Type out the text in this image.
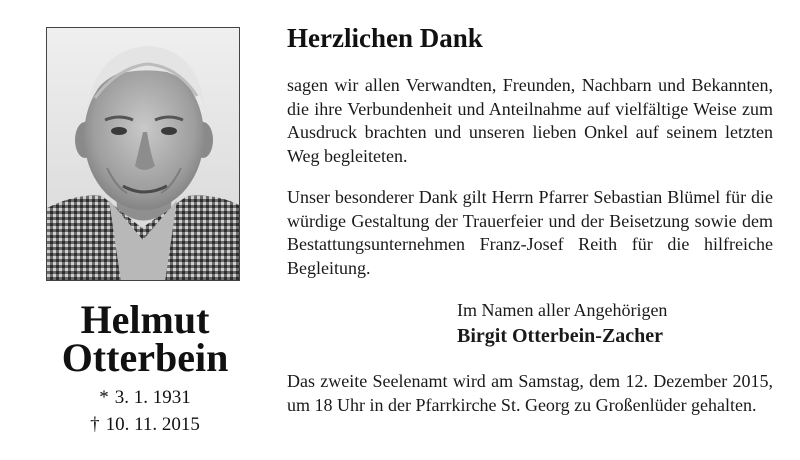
Helmut
Otterbein
* 3. 1. 1931
† 10. 11. 2015
Herzlichen Dank
sagen wir allen Verwandten, Freunden, Nachbarn und Bekannten, die ihre Verbundenheit und Anteilnahme auf vielfältige Weise zum Ausdruck brachten und unseren lieben Onkel auf seinem letzten Weg begleiteten.
Unser besonderer Dank gilt Herrn Pfarrer Sebastian Blümel für die würdige Gestaltung der Trauerfeier und der Beisetzung sowie dem Bestattungsunternehmen Franz-Josef Reith für die hilfreiche Begleitung.
Im Namen aller Angehörigen
Birgit Otterbein-Zacher
Das zweite Seelenamt wird am Samstag, dem 12. Dezember 2015, um 18 Uhr in der Pfarrkirche St. Georg zu Großenlüder gehalten.
